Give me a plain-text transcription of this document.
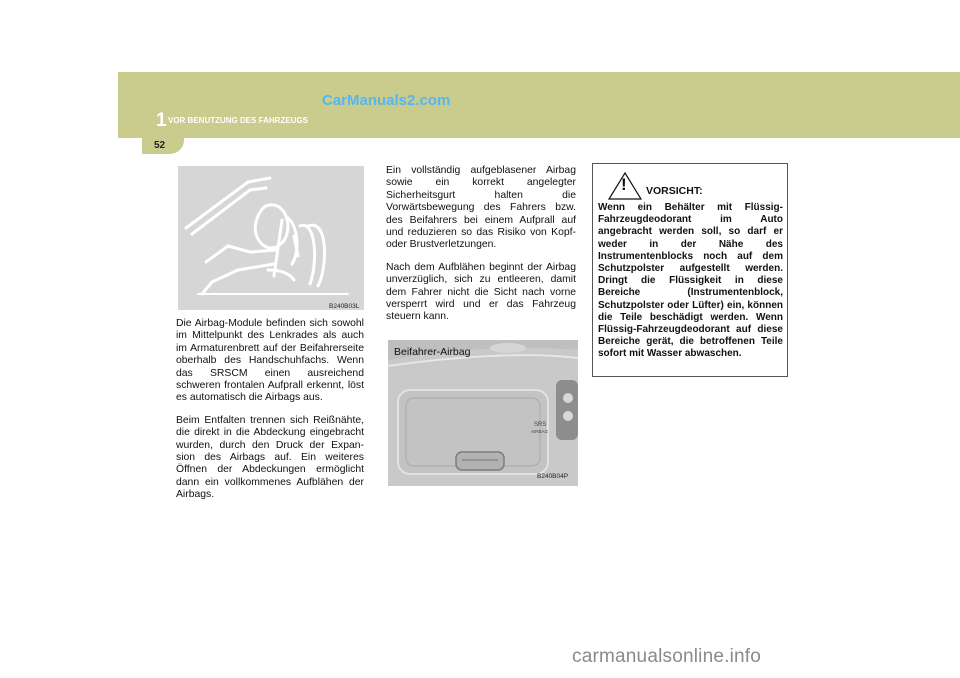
CarManuals2.com
1 VOR BENUTZUNG DES FAHRZEUGS
52
B240B03L

Die Airbag-Module befinden sich sowohl im Mittelpunkt des Lenkrades als auch im Armaturenbrett auf der Beifahrerseite oberhalb des Handschuhfachs. Wenn das SRSCM einen ausreichend schweren frontalen Aufprall erkennt, löst es automatisch die Airbags aus.

Beim Entfalten trennen sich Reißnähte, die direkt in die Abdeckung eingebracht wurden, durch den Druck der Expan-sion des Airbags auf. Ein weiteres Öffnen der Abdeckungen ermöglicht dann ein vollkommenes Aufblähen der Airbags.

Ein vollständig aufgeblasener Airbag sowie ein korrekt angelegter Sicherheitsgurt halten die Vorwärtsbewegung des Fahrers bzw. des Beifahrers bei einem Aufprall auf und reduzieren so das Risiko von Kopf- oder Brustverletzungen.

Nach dem Aufblähen beginnt der Airbag unverzüglich, sich zu entleeren, damit dem Fahrer nicht die Sicht nach vorne versperrt wird und er das Fahrzeug steuern kann.

SRS
AIRBAG
Beifahrer-Airbag
B240B04P
! VORSICHT:
Wenn ein Behälter mit Flüssig-Fahrzeugdeodorant im Auto angebracht werden soll, so darf er weder in der Nähe des Instrumentenblocks noch auf dem Schutzpolster aufgestellt werden. Dringt die Flüssigkeit in diese Bereiche (Instrumentenblock, Schutzpolster oder Lüfter) ein, können die Teile beschädigt werden. Wenn Flüssig-Fahrzeugdeodorant auf diese Bereiche gerät, die betroffenen Teile sofort mit Wasser abwaschen.
carmanualsonline.info
